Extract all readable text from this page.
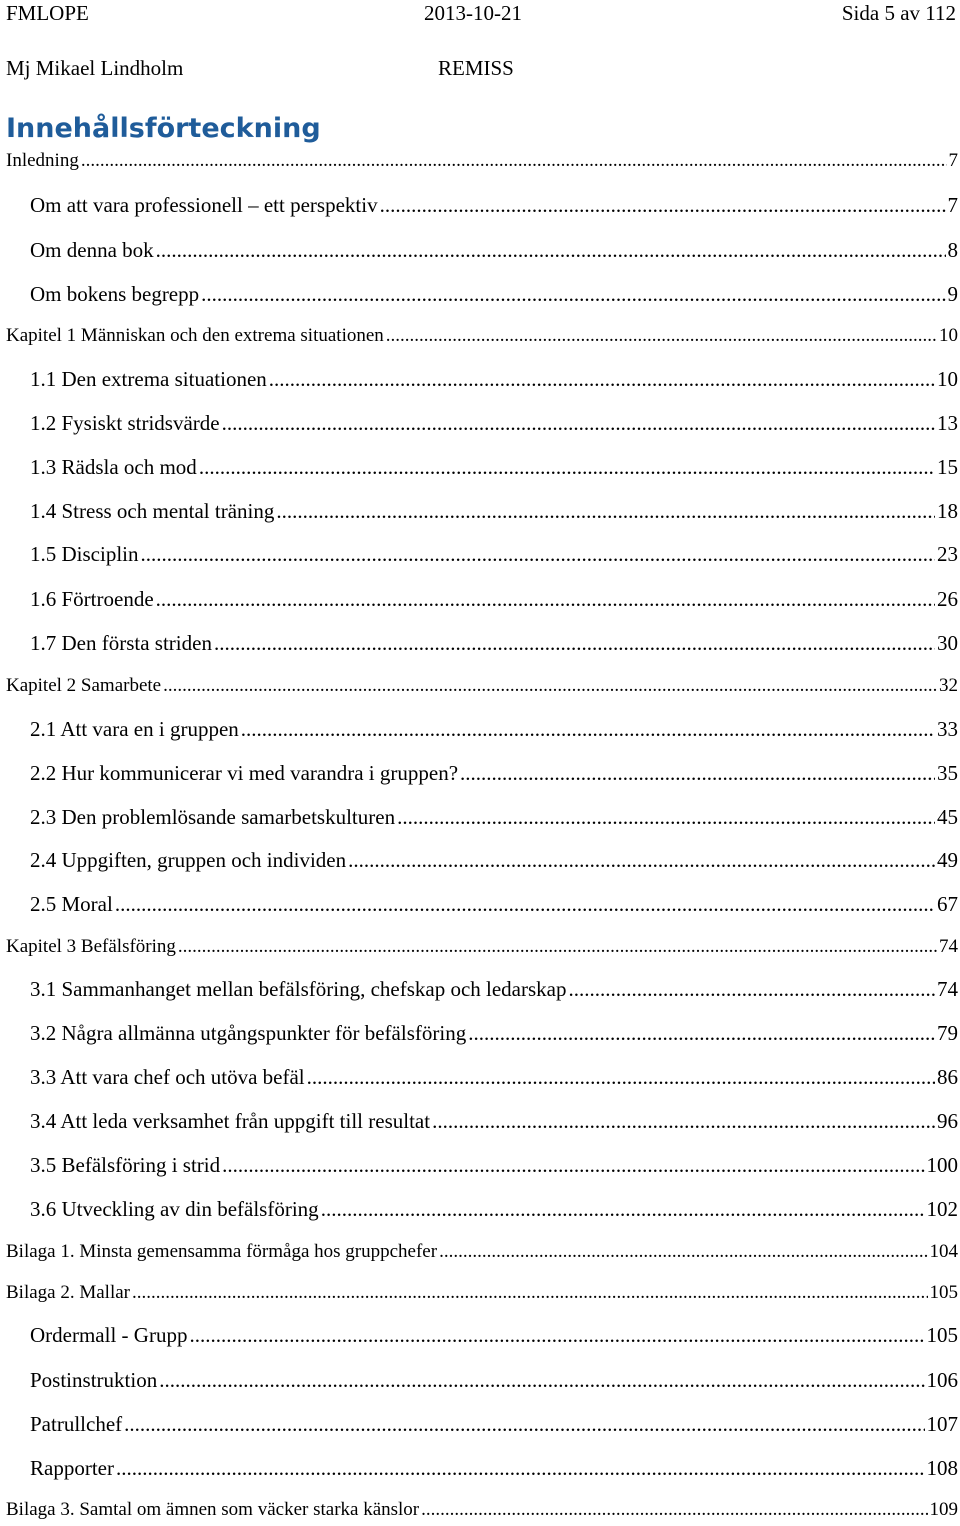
FMLOPE	2013-10-21	Sida 5 av 112
Mj Mikael Lindholm	REMISS
Innehållsförteckning
Inledning .....	7
Om att vara professionell – ett perspektiv .....	7
Om denna bok .....	8
Om bokens begrepp .....	9
Kapitel 1 Människan och den extrema situationen .....	10
1.1 Den extrema situationen .....	10
1.2 Fysiskt stridsvärde .....	13
1.3 Rädsla och mod .....	15
1.4 Stress och mental träning .....	18
1.5 Disciplin .....	23
1.6 Förtroende .....	26
1.7 Den första striden .....	30
Kapitel 2 Samarbete .....	32
2.1 Att vara en i gruppen .....	33
2.2 Hur kommunicerar vi med varandra i gruppen? .....	35
2.3 Den problemlösande samarbetskulturen .....	45
2.4 Uppgiften, gruppen och individen .....	49
2.5 Moral .....	67
Kapitel 3 Befälsföring .....	74
3.1 Sammanhanget mellan befälsföring, chefskap och ledarskap .....	74
3.2 Några allmänna utgångspunkter för befälsföring .....	79
3.3 Att vara chef och utöva befäl .....	86
3.4 Att leda verksamhet från uppgift till resultat .....	96
3.5 Befälsföring i strid .....	100
3.6 Utveckling av din befälsföring .....	102
Bilaga 1. Minsta gemensamma förmåga hos gruppchefer .....	104
Bilaga 2. Mallar .....	105
Ordermall - Grupp .....	105
Postinstruktion .....	106
Patrullchef .....	107
Rapporter .....	108
Bilaga 3. Samtal om ämnen som väcker starka känslor .....	109
